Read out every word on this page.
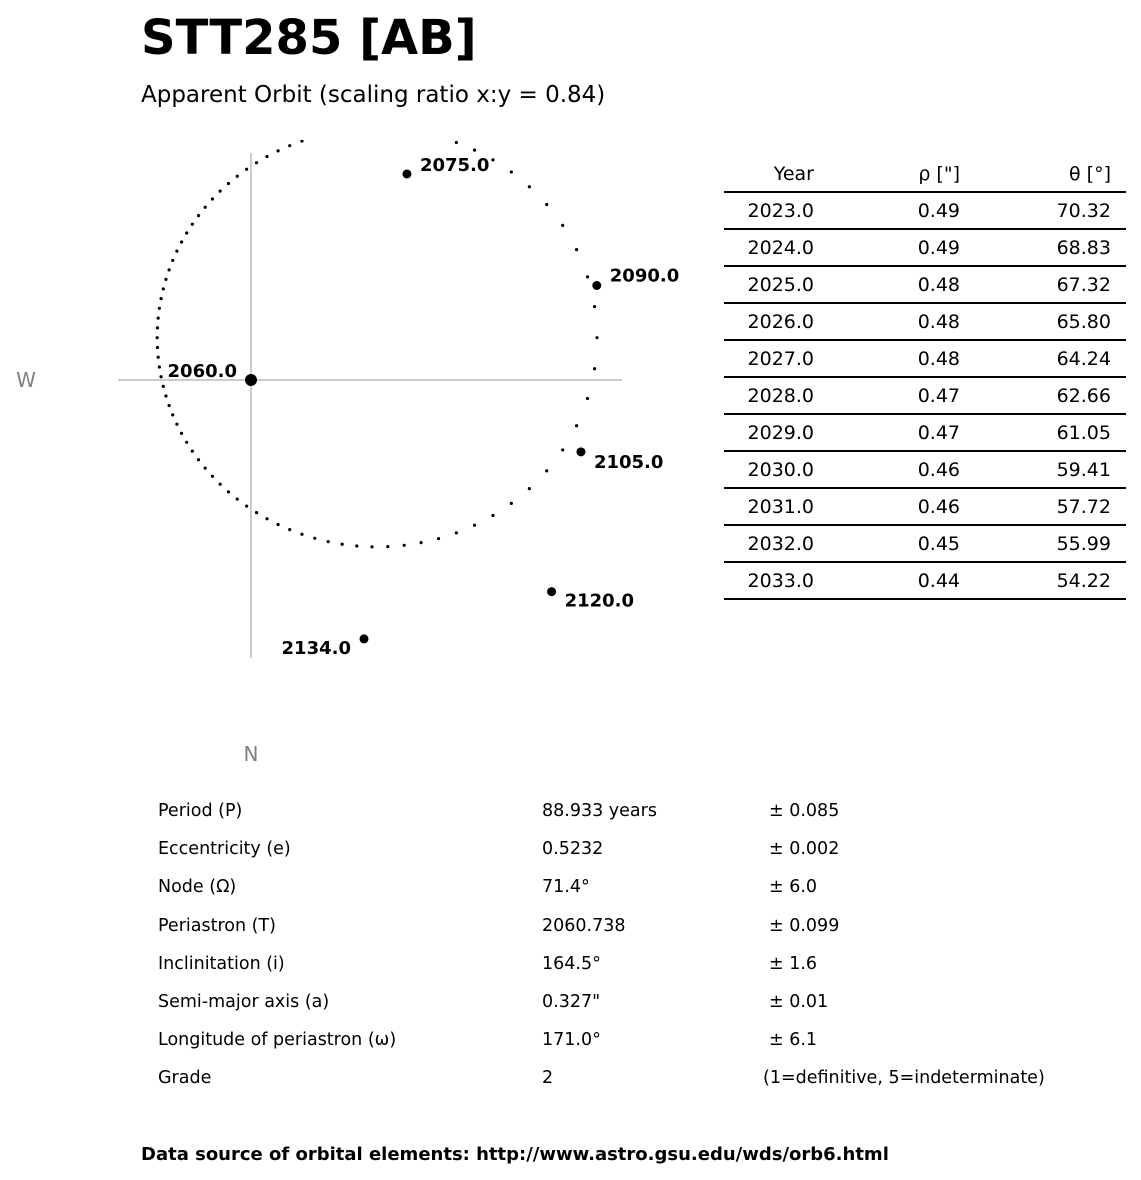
STT285 [AB]
Apparent Orbit (scaling ratio x:y = 0.84)
2060.0
2075.0
2090.0
2105.0
2120.0
2134.0
W
N
Year	ρ ["]	θ [°]
2023.0	0.49	70.32
2024.0	0.49	68.83
2025.0	0.48	67.32
2026.0	0.48	65.80
2027.0	0.48	64.24
2028.0	0.47	62.66
2029.0	0.47	61.05
2030.0	0.46	59.41
2031.0	0.46	57.72
2032.0	0.45	55.99
2033.0	0.44	54.22
Period (P)	88.933 years	± 0.085
Eccentricity (e)	0.5232	± 0.002
Node (Ω)	71.4°	± 6.0
Periastron (T)	2060.738	± 0.099
Inclinitation (i)	164.5°	± 1.6
Semi-major axis (a)	0.327"	± 0.01
Longitude of periastron (ω)	171.0°	± 6.1
Grade	2	(1=definitive, 5=indeterminate)
Data source of orbital elements: http://www.astro.gsu.edu/wds/orb6.html
